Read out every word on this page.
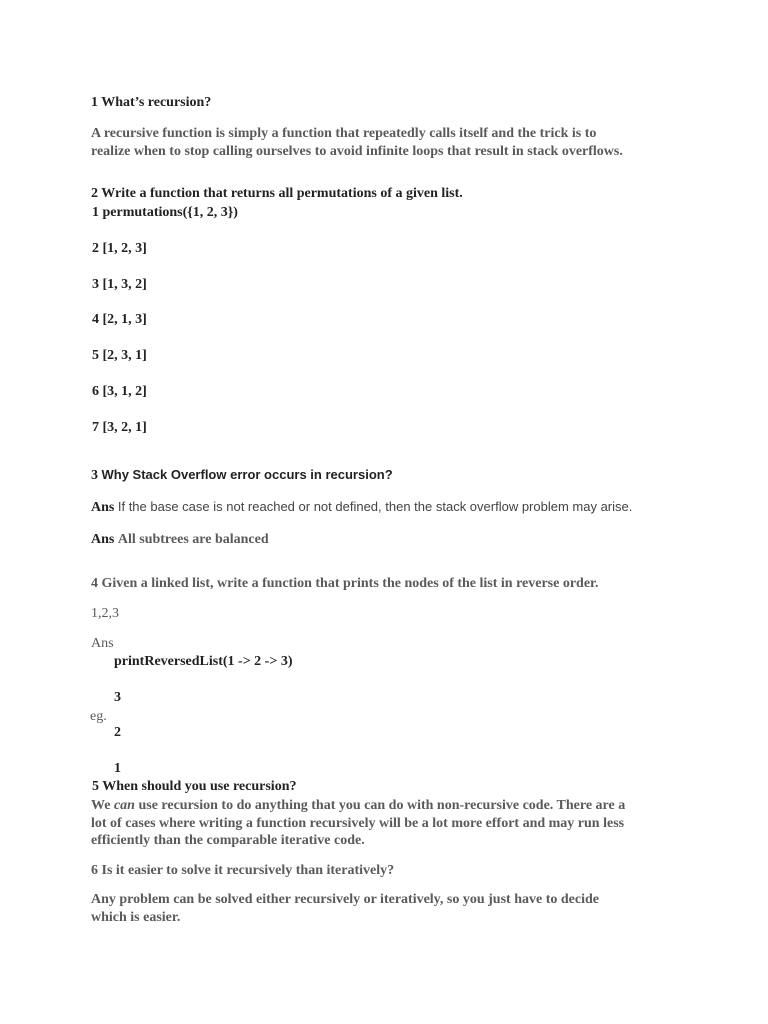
1 What’s recursion?
A recursive function is simply a function that repeatedly calls itself and the trick is to
realize when to stop calling ourselves to avoid infinite loops that result in stack overflows.
2 Write a function that returns all permutations of a given list.
1 permutations({1, 2, 3})
2 [1, 2, 3]
3 [1, 3, 2]
4 [2, 1, 3]
5 [2, 3, 1]
6 [3, 1, 2]
7 [3, 2, 1]
3 Why Stack Overflow error occurs in recursion?
Ans If the base case is not reached or not defined, then the stack overflow problem may arise.
Ans All subtrees are balanced
4 Given a linked list, write a function that prints the nodes of the list in reverse order.
1,2,3
Ans
printReversedList(1 -> 2 -> 3)
3
eg.
2
1
5 When should you use recursion?
We can use recursion to do anything that you can do with non-recursive code. There are a
lot of cases where writing a function recursively will be a lot more effort and may run less
efficiently than the comparable iterative code.
6 Is it easier to solve it recursively than iteratively?
Any problem can be solved either recursively or iteratively, so you just have to decide
which is easier.
